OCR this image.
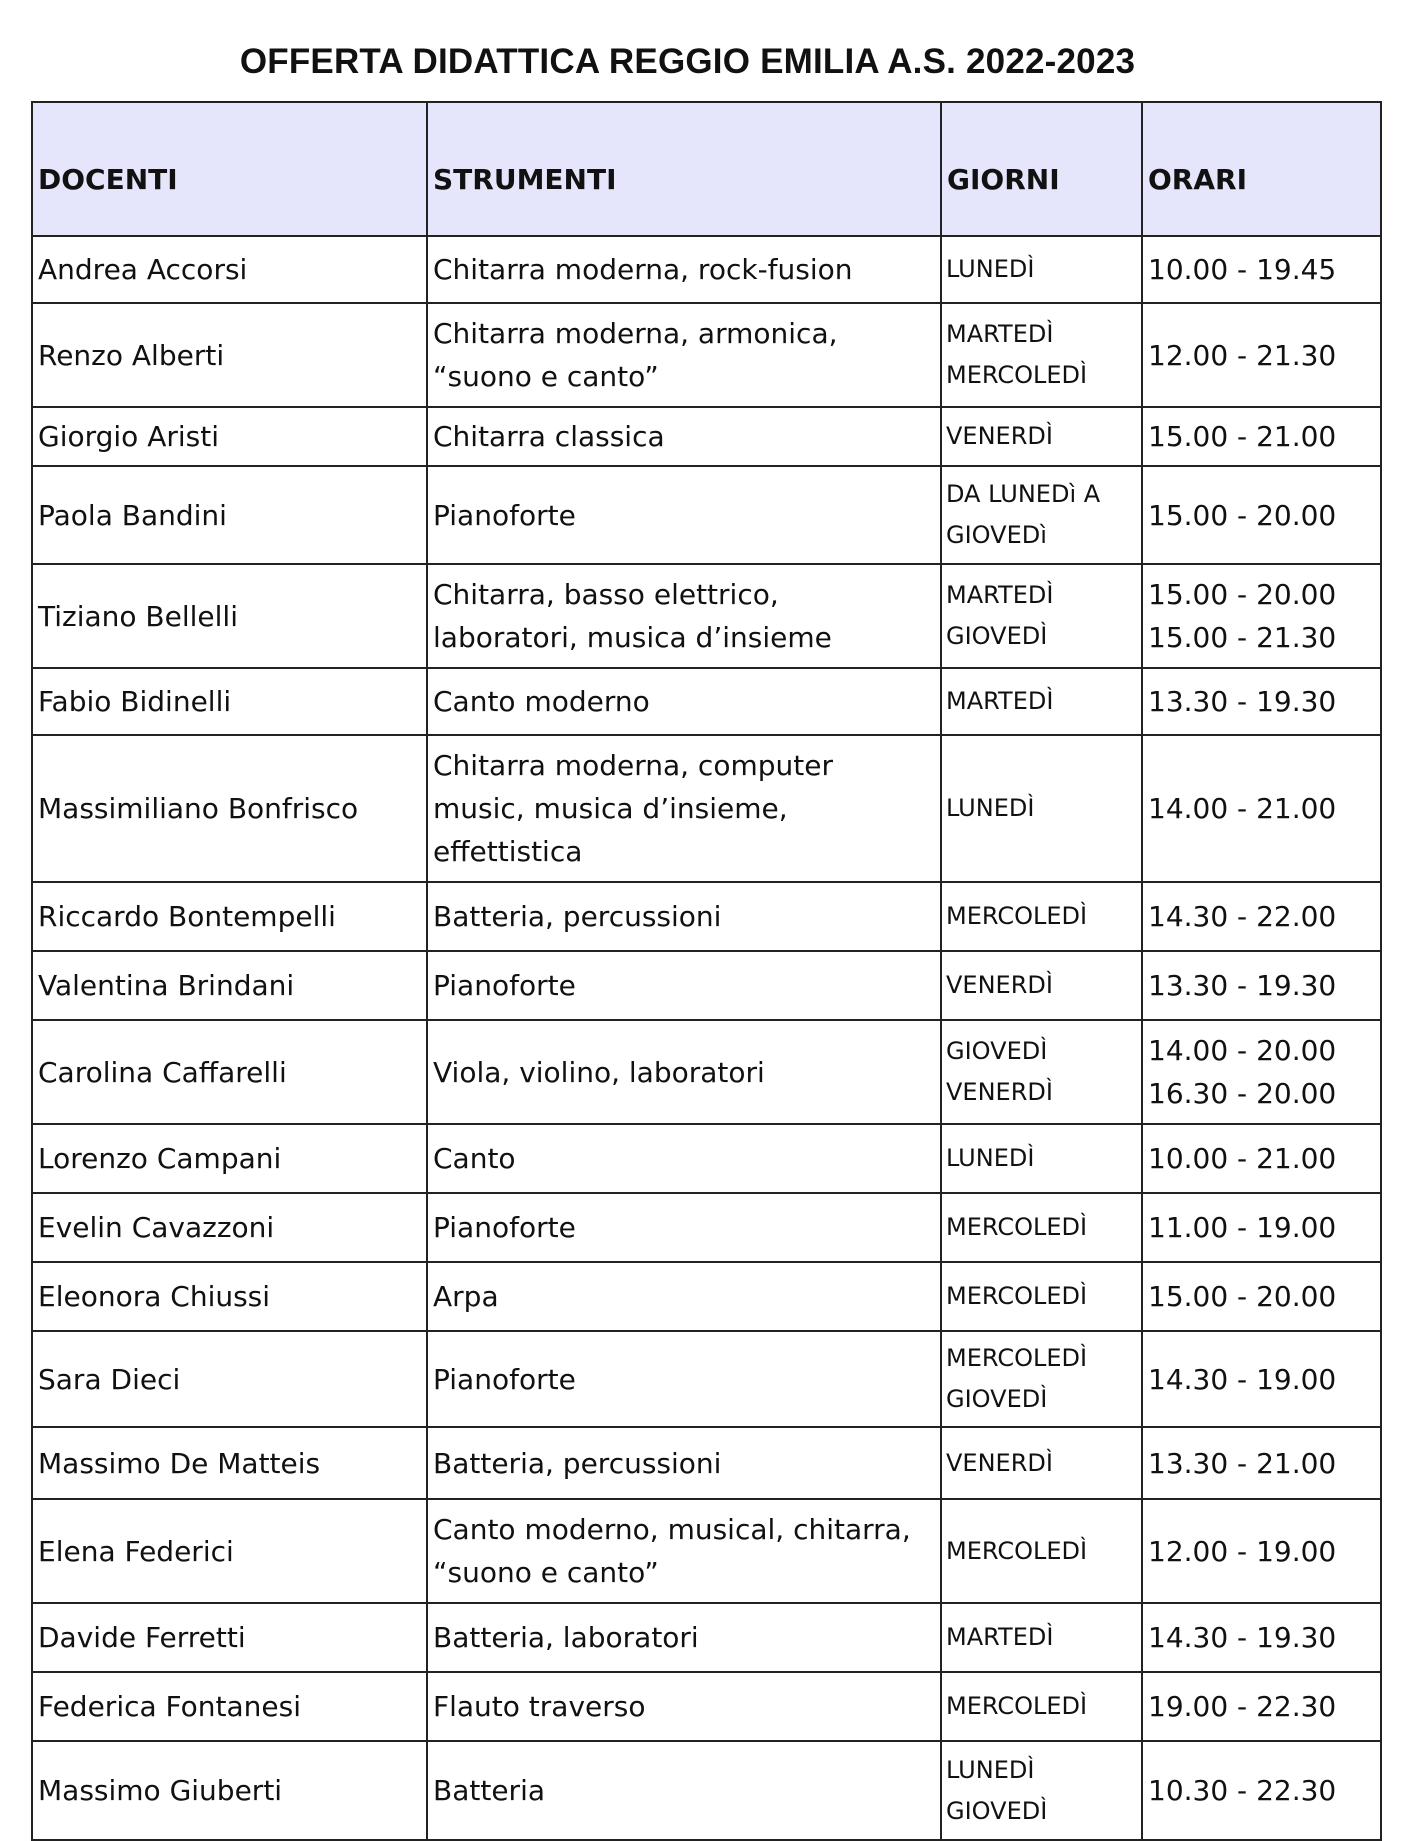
OFFERTA DIDATTICA REGGIO EMILIA A.S. 2022-2023
DOCENTI	STRUMENTI	GIORNI	ORARI
Andrea Accorsi	Chitarra moderna, rock-fusion	LUNEDÌ	10.00 - 19.45

Renzo Alberti	Chitarra moderna, armonica,
“suono e canto”	MARTEDÌ
MERCOLEDÌ	12.00 - 21.30

Giorgio Aristi	Chitarra classica	VENERDÌ	15.00 - 21.00

Paola Bandini	Pianoforte	DA LUNEDì A
GIOVEDì	15.00 - 20.00

Tiziano Bellelli	Chitarra, basso elettrico,
laboratori, musica d’insieme	MARTEDÌ
GIOVEDÌ	15.00 - 20.00
15.00 - 21.30

Fabio Bidinelli	Canto moderno	MARTEDÌ	13.30 - 19.30

Massimiliano Bonfrisco	Chitarra moderna, computer
music, musica d’insieme,
effettistica	LUNEDÌ	14.00 - 21.00

Riccardo Bontempelli	Batteria, percussioni	MERCOLEDÌ	14.30 - 22.00

Valentina Brindani	Pianoforte	VENERDÌ	13.30 - 19.30

Carolina Caffarelli	Viola, violino, laboratori	GIOVEDÌ
VENERDÌ	14.00 - 20.00
16.30 - 20.00

Lorenzo Campani	Canto	LUNEDÌ	10.00 - 21.00

Evelin Cavazzoni	Pianoforte	MERCOLEDÌ	11.00 - 19.00

Eleonora Chiussi	Arpa	MERCOLEDÌ	15.00 - 20.00

Sara Dieci	Pianoforte	MERCOLEDÌ
GIOVEDÌ	14.30 - 19.00

Massimo De Matteis	Batteria, percussioni	VENERDÌ	13.30 - 21.00

Elena Federici	Canto moderno, musical, chitarra,
“suono e canto”	MERCOLEDÌ	12.00 - 19.00

Davide Ferretti	Batteria, laboratori	MARTEDÌ	14.30 - 19.30

Federica Fontanesi	Flauto traverso	MERCOLEDÌ	19.00 - 22.30

Massimo Giuberti	Batteria	LUNEDÌ
GIOVEDÌ	10.30 - 22.30
